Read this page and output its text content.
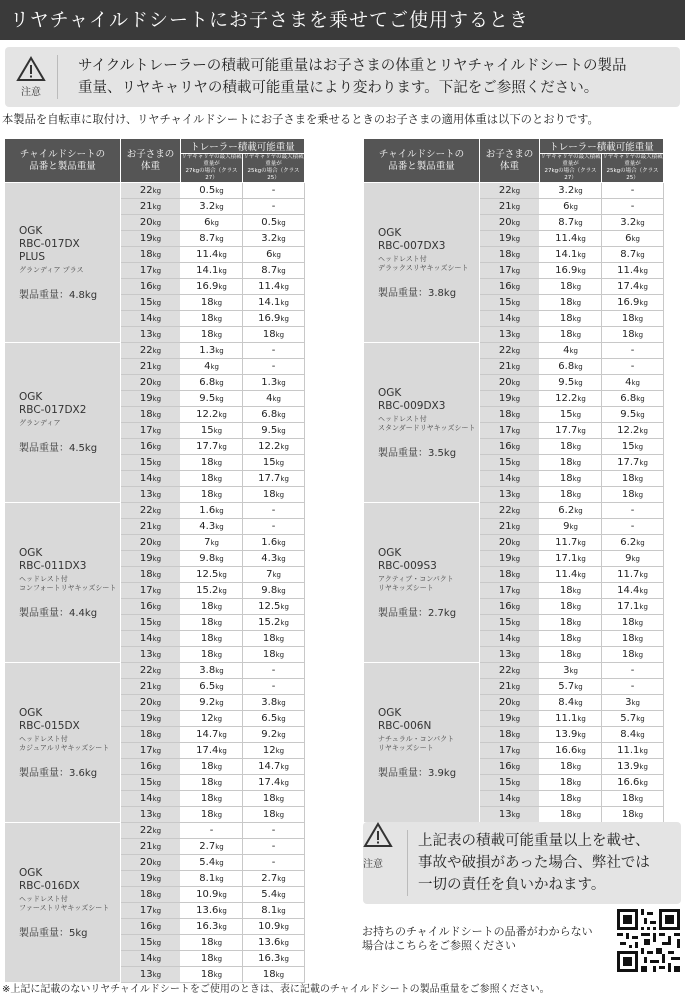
リヤチャイルドシートにお子さまを乗せてご使用するとき
注意
サイクルトレーラーの積載可能重量はお子さまの体重とリヤチャイルドシートの製品
重量、リヤキャリヤの積載可能重量により変わります。下記をご参照ください。
本製品を自転車に取付け、リヤチャイルドシートにお子さまを乗せるときのお子さまの適用体重は以下のとおりです。
チャイルドシートの
品番と製品重量	お子さまの
体重	トレーラー積載可能重量	
		リヤキャリヤの最大積載重量が
27kgの場合（クラス27）	リヤキャリヤの最大積載重量が
25kgの場合（クラス25）

OGK
RBC-017DX
PLUS
グランディア プラス
製品重量：4.8kg	22kg	0.5kg	-
	21kg	3.2kg	-
	20kg	6kg	0.5kg
	19kg	8.7kg	3.2kg
	18kg	11.4kg	6kg
	17kg	14.1kg	8.7kg
	16kg	16.9kg	11.4kg
	15kg	18kg	14.1kg
	14kg	18kg	16.9kg
	13kg	18kg	18kg

OGK
RBC-017DX2
グランディア
製品重量：4.5kg	22kg	1.3kg	-
	21kg	4kg	-
	20kg	6.8kg	1.3kg
	19kg	9.5kg	4kg
	18kg	12.2kg	6.8kg
	17kg	15kg	9.5kg
	16kg	17.7kg	12.2kg
	15kg	18kg	15kg
	14kg	18kg	17.7kg
	13kg	18kg	18kg

OGK
RBC-011DX3
ヘッドレスト付
コンフォートリヤキッズシート
製品重量：4.4kg	22kg	1.6kg	-
	21kg	4.3kg	-
	20kg	7kg	1.6kg
	19kg	9.8kg	4.3kg
	18kg	12.5kg	7kg
	17kg	15.2kg	9.8kg
	16kg	18kg	12.5kg
	15kg	18kg	15.2kg
	14kg	18kg	18kg
	13kg	18kg	18kg

OGK
RBC-015DX
ヘッドレスト付
カジュアルリヤキッズシート
製品重量：3.6kg	22kg	3.8kg	-
	21kg	6.5kg	-
	20kg	9.2kg	3.8kg
	19kg	12kg	6.5kg
	18kg	14.7kg	9.2kg
	17kg	17.4kg	12kg
	16kg	18kg	14.7kg
	15kg	18kg	17.4kg
	14kg	18kg	18kg
	13kg	18kg	18kg

OGK
RBC-016DX
ヘッドレスト付
ファーストリヤキッズシート
製品重量：5kg	22kg	-	-
	21kg	2.7kg	-
	20kg	5.4kg	-
	19kg	8.1kg	2.7kg
	18kg	10.9kg	5.4kg
	17kg	13.6kg	8.1kg
	16kg	16.3kg	10.9kg
	15kg	18kg	13.6kg
	14kg	18kg	16.3kg
	13kg	18kg	18kg
チャイルドシートの
品番と製品重量	お子さまの
体重	トレーラー積載可能重量	
		リヤキャリヤの最大積載重量が
27kgの場合（クラス27）	リヤキャリヤの最大積載重量が
25kgの場合（クラス25）

OGK
RBC-007DX3
ヘッドレスト付
デラックスリヤキッズシート
製品重量：3.8kg	22kg	3.2kg	-
	21kg	6kg	-
	20kg	8.7kg	3.2kg
	19kg	11.4kg	6kg
	18kg	14.1kg	8.7kg
	17kg	16.9kg	11.4kg
	16kg	18kg	17.4kg
	15kg	18kg	16.9kg
	14kg	18kg	18kg
	13kg	18kg	18kg

OGK
RBC-009DX3
ヘッドレスト付
スタンダードリヤキッズシート
製品重量：3.5kg	22kg	4kg	-
	21kg	6.8kg	-
	20kg	9.5kg	4kg
	19kg	12.2kg	6.8kg
	18kg	15kg	9.5kg
	17kg	17.7kg	12.2kg
	16kg	18kg	15kg
	15kg	18kg	17.7kg
	14kg	18kg	18kg
	13kg	18kg	18kg

OGK
RBC-009S3
アクティブ・コンパクト
リヤキッズシート
製品重量：2.7kg	22kg	6.2kg	-
	21kg	9kg	-
	20kg	11.7kg	6.2kg
	19kg	17.1kg	9kg
	18kg	11.4kg	11.7kg
	17kg	18kg	14.4kg
	16kg	18kg	17.1kg
	15kg	18kg	18kg
	14kg	18kg	18kg
	13kg	18kg	18kg

OGK
RBC-006N
ナチュラル・コンパクト
リヤキッズシート
製品重量：3.9kg	22kg	3kg	-
	21kg	5.7kg	-
	20kg	8.4kg	3kg
	19kg	11.1kg	5.7kg
	18kg	13.9kg	8.4kg
	17kg	16.6kg	11.1kg
	16kg	18kg	13.9kg
	15kg	18kg	16.6kg
	14kg	18kg	18kg
	13kg	18kg	18kg
注意
上記表の積載可能重量以上を載せ、
事故や破損があった場合、弊社では
一切の責任を負いかねます。
お持ちのチャイルドシートの品番がわからない場合はこちらをご参照ください
※上記に記載のないリヤチャイルドシートをご使用のときは、表に記載のチャイルドシートの製品重量をご参照ください。
